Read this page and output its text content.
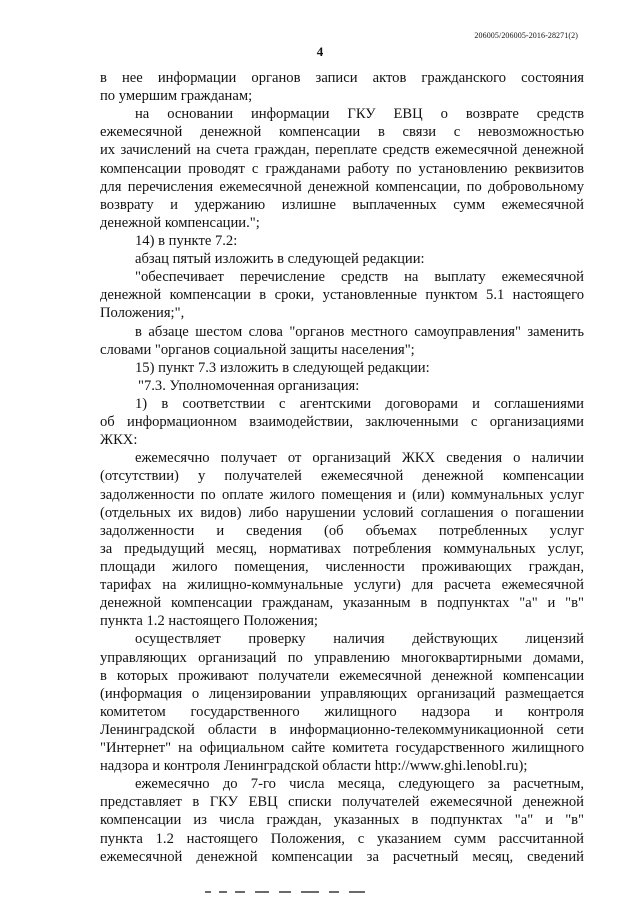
206005/206005-2016-28271(2)
4
в нее информации органов записи актов гражданского состояния
по умершим гражданам;
на основании информации ГКУ ЕВЦ о возврате средств
ежемесячной денежной компенсации в связи с невозможностью
их зачислений на счета граждан, переплате средств ежемесячной денежной
компенсации проводят с гражданами работу по установлению реквизитов
для перечисления ежемесячной денежной компенсации, по добровольному
возврату и удержанию излишне выплаченных сумм ежемесячной
денежной компенсации.";
14) в пункте 7.2:
абзац пятый изложить в следующей редакции:
"обеспечивает перечисление средств на выплату ежемесячной
денежной компенсации в сроки, установленные пунктом 5.1 настоящего
Положения;",
в абзаце шестом слова "органов местного самоуправления" заменить
словами "органов социальной защиты населения";
15) пункт 7.3 изложить в следующей редакции:
"7.3. Уполномоченная организация:
1) в соответствии с агентскими договорами и соглашениями
об информационном взаимодействии, заключенными с организациями
ЖКХ:
ежемесячно получает от организаций ЖКХ сведения о наличии
(отсутствии) у получателей ежемесячной денежной компенсации
задолженности по оплате жилого помещения и (или) коммунальных услуг
(отдельных их видов) либо нарушении условий соглашения о погашении
задолженности и сведения (об объемах потребленных услуг
за предыдущий месяц, нормативах потребления коммунальных услуг,
площади жилого помещения, численности проживающих граждан,
тарифах на жилищно-коммунальные услуги) для расчета ежемесячной
денежной компенсации гражданам, указанным в подпунктах "а" и "в"
пункта 1.2 настоящего Положения;
осуществляет проверку наличия действующих лицензий
управляющих организаций по управлению многоквартирными домами,
в которых проживают получатели ежемесячной денежной компенсации
(информация о лицензировании управляющих организаций размещается
комитетом государственного жилищного надзора и контроля
Ленинградской области в информационно-телекоммуникационной сети
"Интернет" на официальном сайте комитета государственного жилищного
надзора и контроля Ленинградской области http://www.ghi.lenobl.ru);
ежемесячно до 7-го числа месяца, следующего за расчетным,
представляет в ГКУ ЕВЦ списки получателей ежемесячной денежной
компенсации из числа граждан, указанных в подпунктах "а" и "в"
пункта 1.2 настоящего Положения, с указанием сумм рассчитанной
ежемесячной денежной компенсации за расчетный месяц, сведений
